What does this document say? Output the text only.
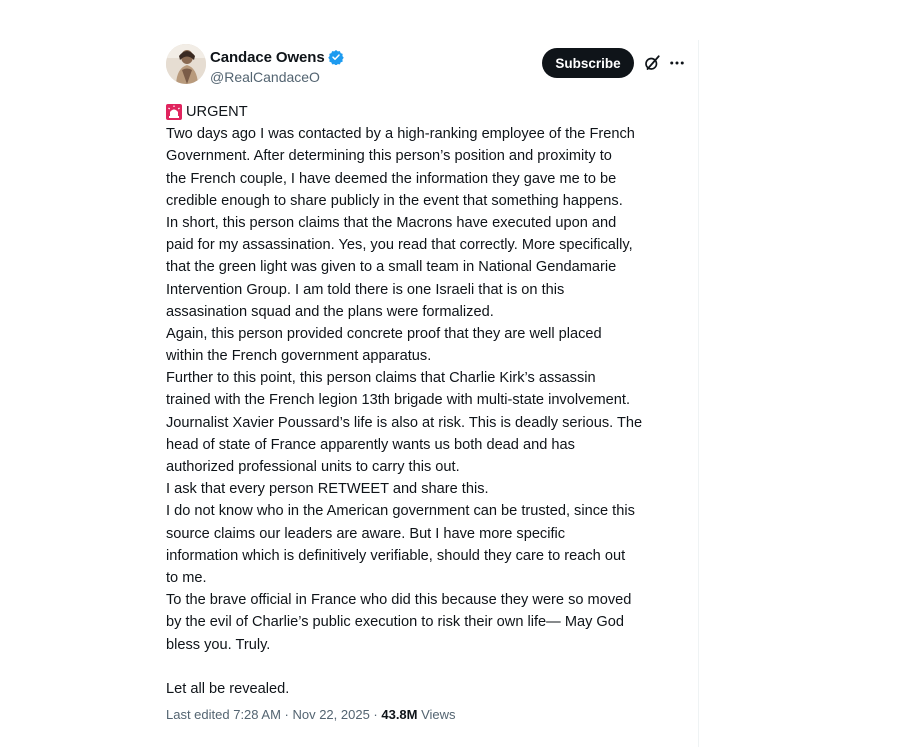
Candace Owens
@RealCandaceO
Subscribe
URGENT
Two days ago I was contacted by a high-ranking employee of the French
Government. After determining this person’s position and proximity to
the French couple, I have deemed the information they gave me to be
credible enough to share publicly in the event that something happens.
In short, this person claims that the Macrons have executed upon and
paid for my assassination. Yes, you read that correctly. More specifically,
that the green light was given to a small team in National Gendamarie
Intervention Group. I am told there is one Israeli that is on this
assasination squad and the plans were formalized.
Again, this person provided concrete proof that they are well placed
within the French government apparatus.
Further to this point, this person claims that Charlie Kirk’s assassin
trained with the French legion 13th brigade with multi-state involvement.
Journalist Xavier Poussard’s life is also at risk. This is deadly serious. The
head of state of France apparently wants us both dead and has
authorized professional units to carry this out.
I ask that every person RETWEET and share this.
I do not know who in the American government can be trusted, since this
source claims our leaders are aware. But I have more specific
information which is definitively verifiable, should they care to reach out
to me.
To the brave official in France who did this because they were so moved
by the evil of Charlie’s public execution to risk their own life— May God
bless you. Truly.
Let all be revealed.
Last edited 7:28 AM · Nov 22, 2025 · 43.8M Views
